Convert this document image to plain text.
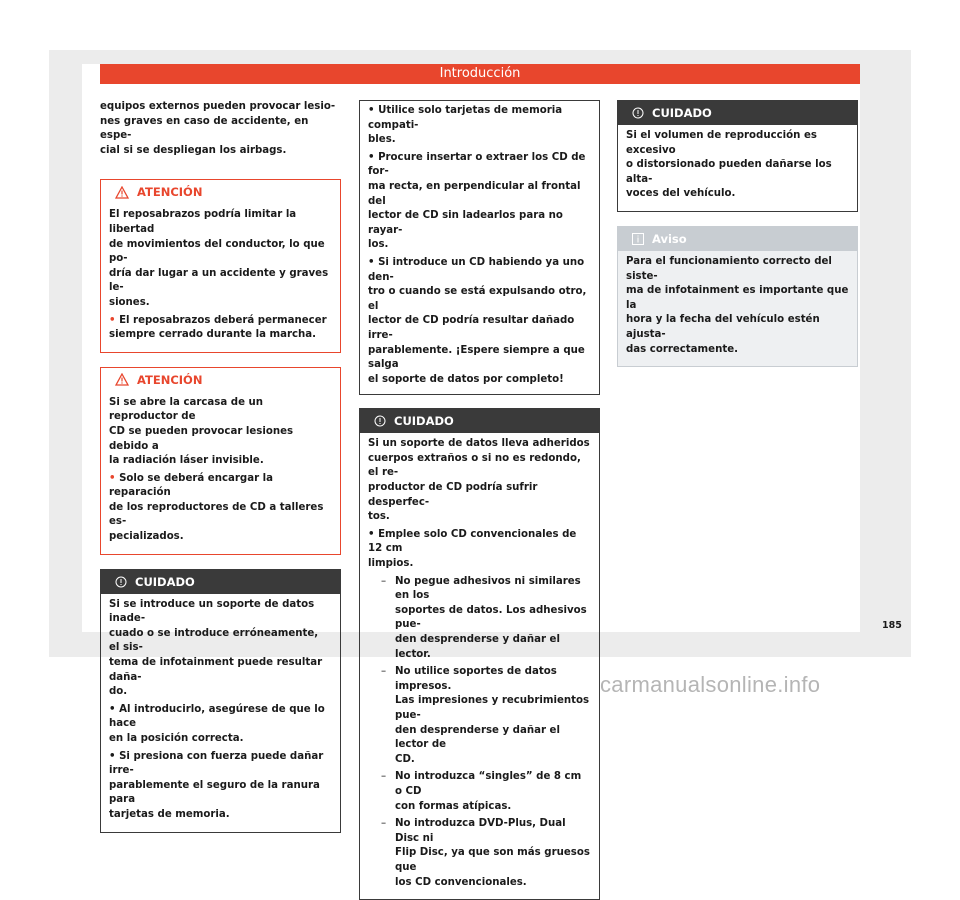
Introducción

equipos externos pueden provocar lesio-
nes graves en caso de accidente, en espe-
cial si se despliegan los airbags.

ATENCIÓN

El reposabrazos podría limitar la libertad
de movimientos del conductor, lo que po-
dría dar lugar a un accidente y graves le-
siones.

• El reposabrazos deberá permanecer
siempre cerrado durante la marcha.

ATENCIÓN

Si se abre la carcasa de un reproductor de
CD se pueden provocar lesiones debido a
la radiación láser invisible.

• Solo se deberá encargar la reparación
de los reproductores de CD a talleres es-
pecializados.

CUIDADO

Si se introduce un soporte de datos inade-
cuado o se introduce erróneamente, el sis-
tema de infotainment puede resultar daña-
do.

• Al introducirlo, asegúrese de que lo hace
en la posición correcta.

• Si presiona con fuerza puede dañar irre-
parablemente el seguro de la ranura para
tarjetas de memoria.

• Utilice solo tarjetas de memoria compati-
bles.

• Procure insertar o extraer los CD de for-
ma recta, en perpendicular al frontal del
lector de CD sin ladearlos para no rayar-
los.

• Si introduce un CD habiendo ya uno den-
tro o cuando se está expulsando otro, el
lector de CD podría resultar dañado irre-
parablemente. ¡Espere siempre a que salga
el soporte de datos por completo!

CUIDADO

Si un soporte de datos lleva adheridos
cuerpos extraños o si no es redondo, el re-
productor de CD podría sufrir desperfec-
tos.

• Emplee solo CD convencionales de 12 cm
limpios.

– No pegue adhesivos ni similares en los
soportes de datos. Los adhesivos pue-
den desprenderse y dañar el lector.

– No utilice soportes de datos impresos.
Las impresiones y recubrimientos pue-
den desprenderse y dañar el lector de
CD.

– No introduzca “singles” de 8 cm o CD
con formas atípicas.

– No introduzca DVD-Plus, Dual Disc ni
Flip Disc, ya que son más gruesos que
los CD convencionales.

CUIDADO

Si el volumen de reproducción es excesivo
o distorsionado pueden dañarse los alta-
voces del vehículo.

Aviso

Para el funcionamiento correcto del siste-
ma de infotainment es importante que la
hora y la fecha del vehículo estén ajusta-
das correctamente.

185
carmanualsonline.info
